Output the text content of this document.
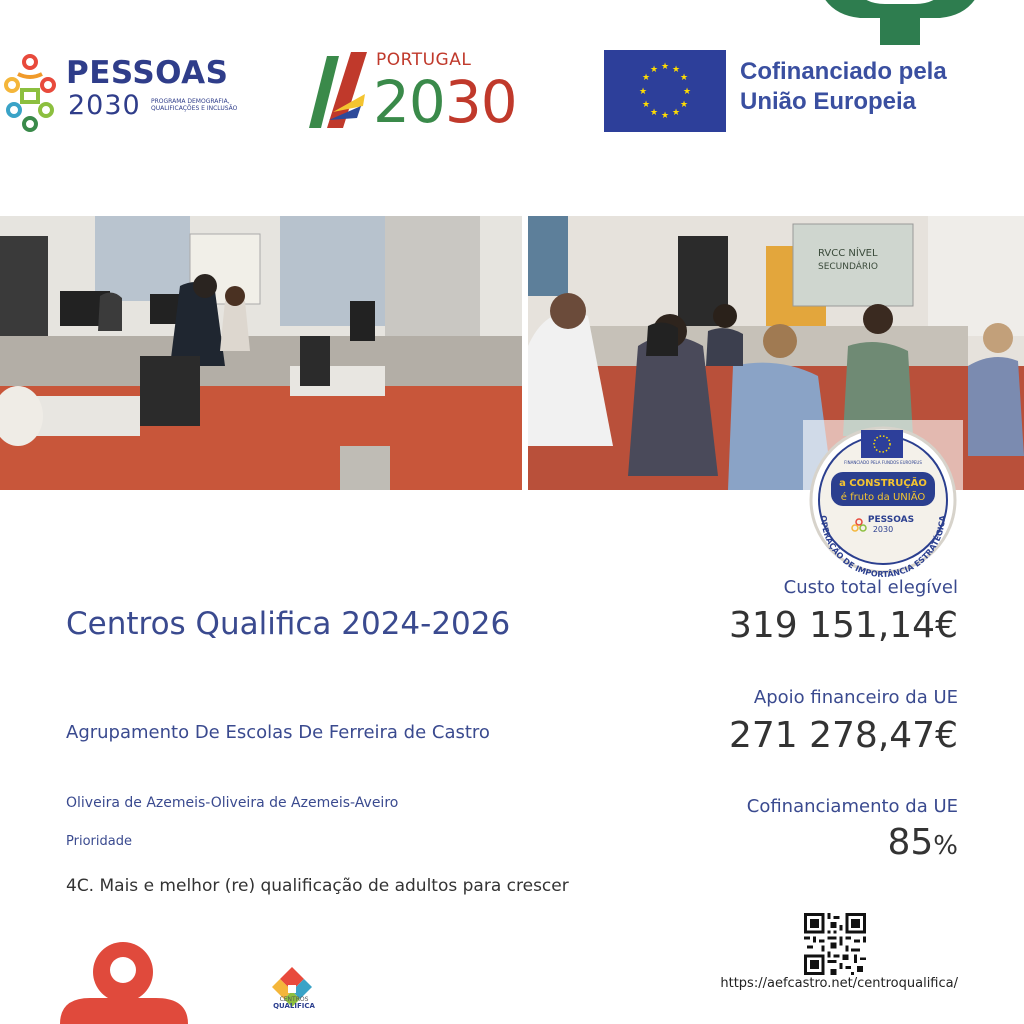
PESSOAS
2030 PROGRAMA DEMOGRAFIA, QUALIFICAÇÕES E INCLUSÃO
PORTUGAL
2030
★ ★
★
★
★
★
★
★
★
★
★
★	Cofinanciado pela
União Europeia
RVCC NÍVEL
SECUNDÁRIO
FINANCIADO PELA FUNDOS EUROPEUS
a CONSTRUÇÃO
é fruto da UNIÃO
OPERAÇÃO DE IMPORTÂNCIA ESTRATÉGICA
PESSOAS
2030
Centros Qualifica 2024-2026
Agrupamento De Escolas De Ferreira de Castro
Oliveira de Azemeis-Oliveira de Azemeis-Aveiro
Prioridade
4C. Mais e melhor (re) qualificação de adultos para crescer
Custo total elegível
319 151,14€
Apoio financeiro da UE
271 278,47€
Cofinanciamento da UE
85%
https://aefcastro.net/centroqualifica/
CENTROS
QUALIFICA
